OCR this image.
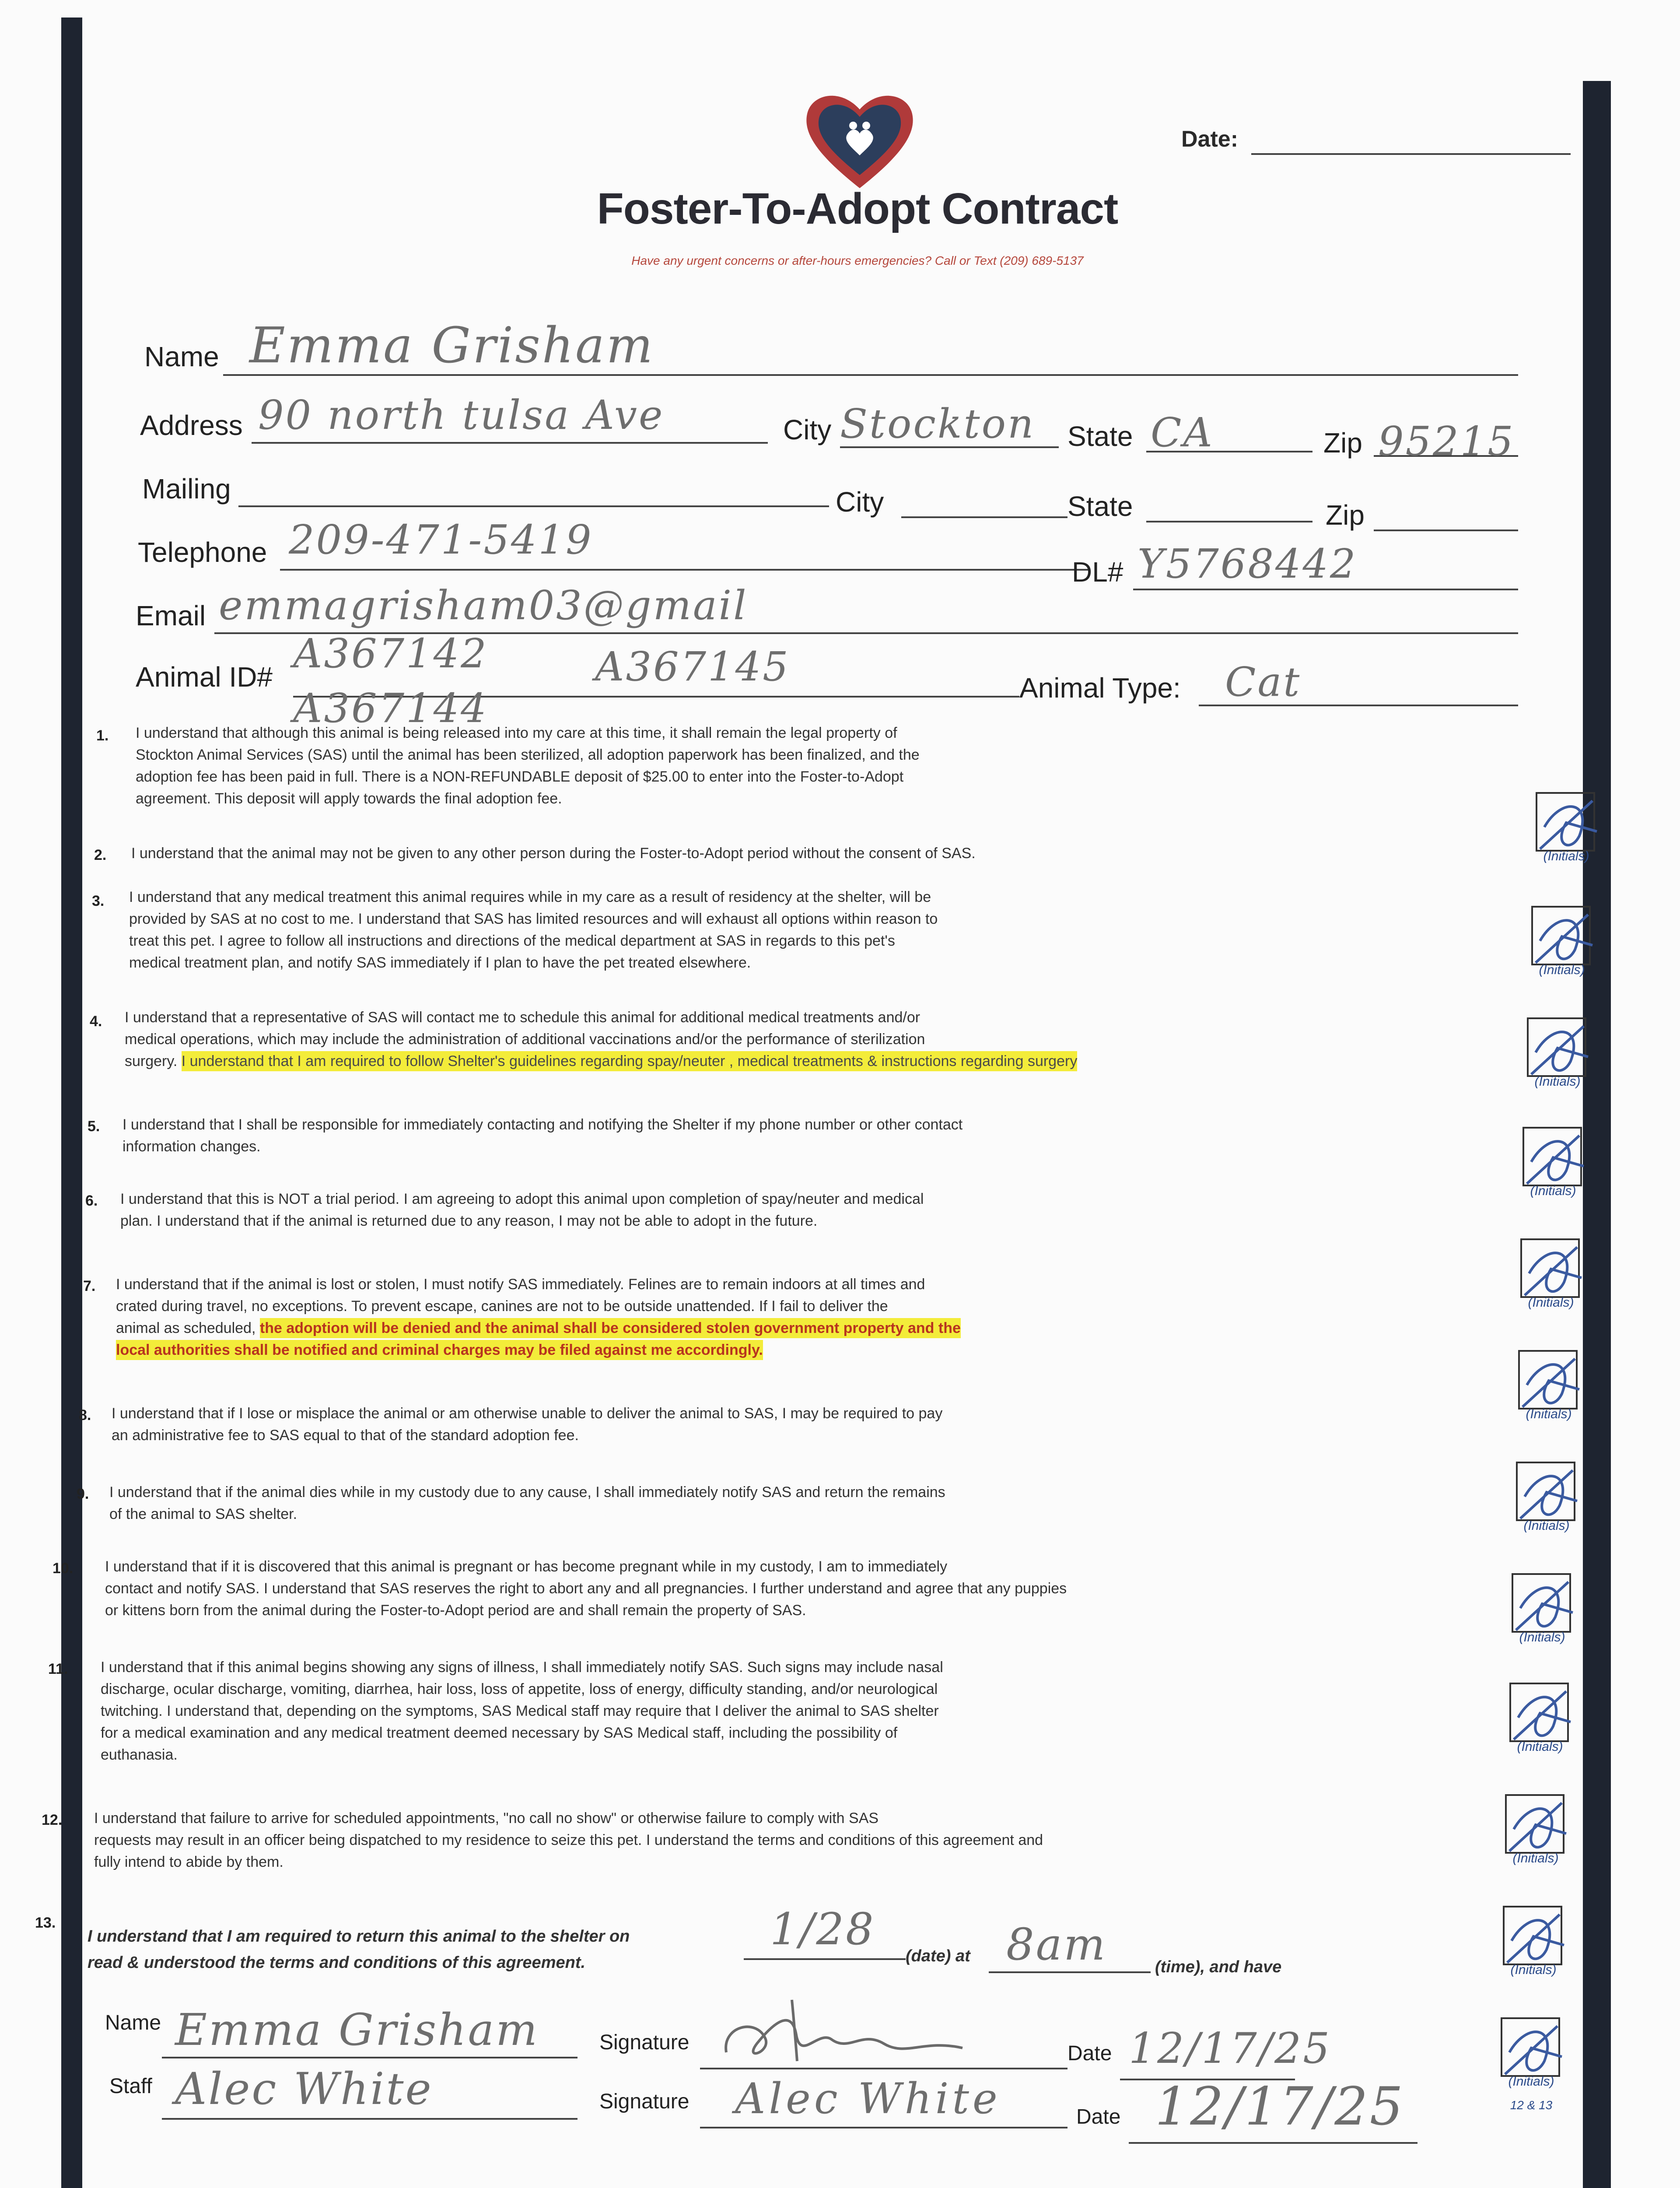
Date:
Foster-To-Adopt Contract
Have any urgent concerns or after-hours emergencies? Call or Text (209) 689-5137
Name Emma Grisham
Address 90 north tulsa Ave	City Stockton State CA	Zip 95215
Mailing	City	State	Zip
Telephone 209-471-5419
DL# Y5768442
Email emmagrisham03@gmail
Animal ID# A367142	A367145
A367144	Animal Type: Cat
1. I understand that although this animal is being released into my care at this time, it shall remain the legal property of
Stockton Animal Services (SAS) until the animal has been sterilized, all adoption paperwork has been finalized, and the
adoption fee has been paid in full. There is a NON-REFUNDABLE deposit of $25.00 to enter into the Foster-to-Adopt
agreement. This deposit will apply towards the final adoption fee.
2. I understand that the animal may not be given to any other person during the Foster-to-Adopt period without the consent of SAS.
3. I understand that any medical treatment this animal requires while in my care as a result of residency at the shelter, will be
provided by SAS at no cost to me. I understand that SAS has limited resources and will exhaust all options within reason to
treat this pet. I agree to follow all instructions and directions of the medical department at SAS in regards to this pet's
medical treatment plan, and notify SAS immediately if I plan to have the pet treated elsewhere.
4. I understand that a representative of SAS will contact me to schedule this animal for additional medical treatments and/or
medical operations, which may include the administration of additional vaccinations and/or the performance of sterilization
surgery. I understand that I am required to follow Shelter's guidelines regarding spay/neuter , medical treatments & instructions regarding surgery
5. I understand that I shall be responsible for immediately contacting and notifying the Shelter if my phone number or other contact
information changes.
6. I understand that this is NOT a trial period. I am agreeing to adopt this animal upon completion of spay/neuter and medical
plan. I understand that if the animal is returned due to any reason, I may not be able to adopt in the future.
7. I understand that if the animal is lost or stolen, I must notify SAS immediately. Felines are to remain indoors at all times and
crated during travel, no exceptions. To prevent escape, canines are not to be outside unattended. If I fail to deliver the
animal as scheduled, the adoption will be denied and the animal shall be considered stolen government property and the
local authorities shall be notified and criminal charges may be filed against me accordingly.
8. I understand that if I lose or misplace the animal or am otherwise unable to deliver the animal to SAS, I may be required to pay
an administrative fee to SAS equal to that of the standard adoption fee.
9. I understand that if the animal dies while in my custody due to any cause, I shall immediately notify SAS and return the remains
of the animal to SAS shelter.
10. I understand that if it is discovered that this animal is pregnant or has become pregnant while in my custody, I am to immediately
contact and notify SAS. I understand that SAS reserves the right to abort any and all pregnancies. I further understand and agree that any puppies
or kittens born from the animal during the Foster-to-Adopt period are and shall remain the property of SAS.
11. I understand that if this animal begins showing any signs of illness, I shall immediately notify SAS. Such signs may include nasal
discharge, ocular discharge, vomiting, diarrhea, hair loss, loss of appetite, loss of energy, difficulty standing, and/or neurological
twitching. I understand that, depending on the symptoms, SAS Medical staff may require that I deliver the animal to SAS shelter
for a medical examination and any medical treatment deemed necessary by SAS Medical staff, including the possibility of
euthanasia.
12. I understand that failure to arrive for scheduled appointments, "no call no show" or otherwise failure to comply with SAS
requests may result in an officer being dispatched to my residence to seize this pet. I understand the terms and conditions of this agreement and
fully intend to abide by them.
13.
I understand that I am required to return this animal to the shelter on	1/28
(date) at 8am	(time), and have
read & understood the terms and conditions of this agreement.
(Initials)
(Initials)
(Initials)
(Initials)
(Initials)
(Initials)
(Initials)
(Initials)
(Initials)
(Initials)
(Initials)
(Initials)
12 & 13
Name Emma Grisham	Signature	Date 12/17/25
Staff Alec White	Signature Alec White	Date 12/17/25
